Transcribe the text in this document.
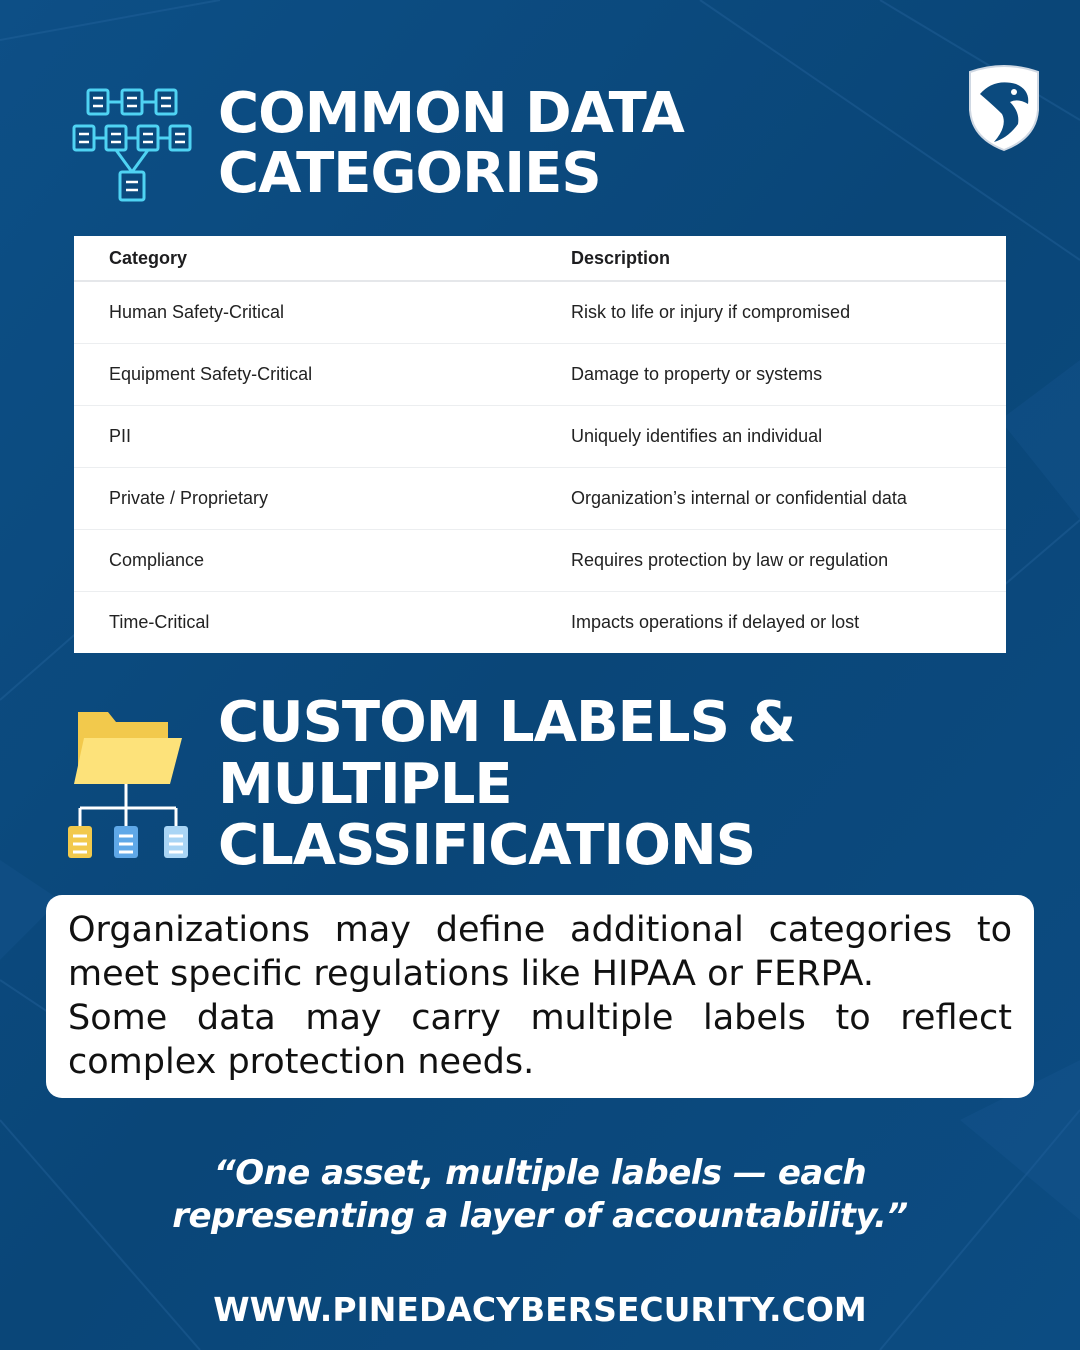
COMMON DATA CATEGORIES
Category	Description
Human Safety-Critical	Risk to life or injury if compromised
Equipment Safety-Critical	Damage to property or systems
PII	Uniquely identifies an individual
Private / Proprietary	Organization’s internal or confidential data
Compliance	Requires protection by law or regulation
Time-Critical	Impacts operations if delayed or lost
CUSTOM LABELS & MULTIPLE CLASSIFICATIONS

Organizations may define additional categories to meet specific regulations like HIPAA or FERPA.

Some data may carry multiple labels to reflect complex protection needs.

“One asset, multiple labels — each representing a layer of accountability.”
WWW.PINEDACYBERSECURITY.COM
